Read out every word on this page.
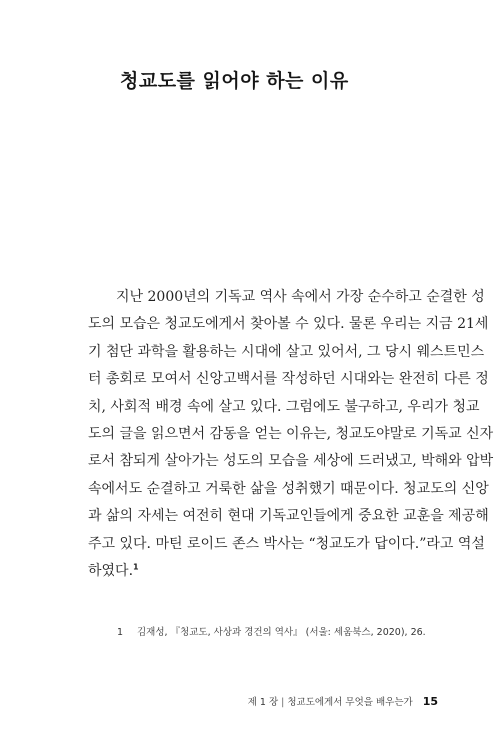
청교도를 읽어야 하는 이유
지난 2000년의 기독교 역사 속에서 가장 순수하고 순결한 성
도의 모습은 청교도에게서 찾아볼 수 있다. 물론 우리는 지금 21세
기 첨단 과학을 활용하는 시대에 살고 있어서, 그 당시 웨스트민스
터 총회로 모여서 신앙고백서를 작성하던 시대와는 완전히 다른 정
치, 사회적 배경 속에 살고 있다. 그럼에도 불구하고, 우리가 청교
도의 글을 읽으면서 감동을 얻는 이유는, 청교도야말로 기독교 신자
로서 참되게 살아가는 성도의 모습을 세상에 드러냈고, 박해와 압박
속에서도 순결하고 거룩한 삶을 성취했기 때문이다. 청교도의 신앙
과 삶의 자세는 여전히 현대 기독교인들에게 중요한 교훈을 제공해
주고 있다. 마틴 로이드 존스 박사는 “청교도가 답이다.”라고 역설
하였다.$^1$
1 김재성, 『청교도, 사상과 경건의 역사』 (서울: 세움북스, 2020), 26.
제 1 장 | 청교도에게서 무엇을 배우는가 15
